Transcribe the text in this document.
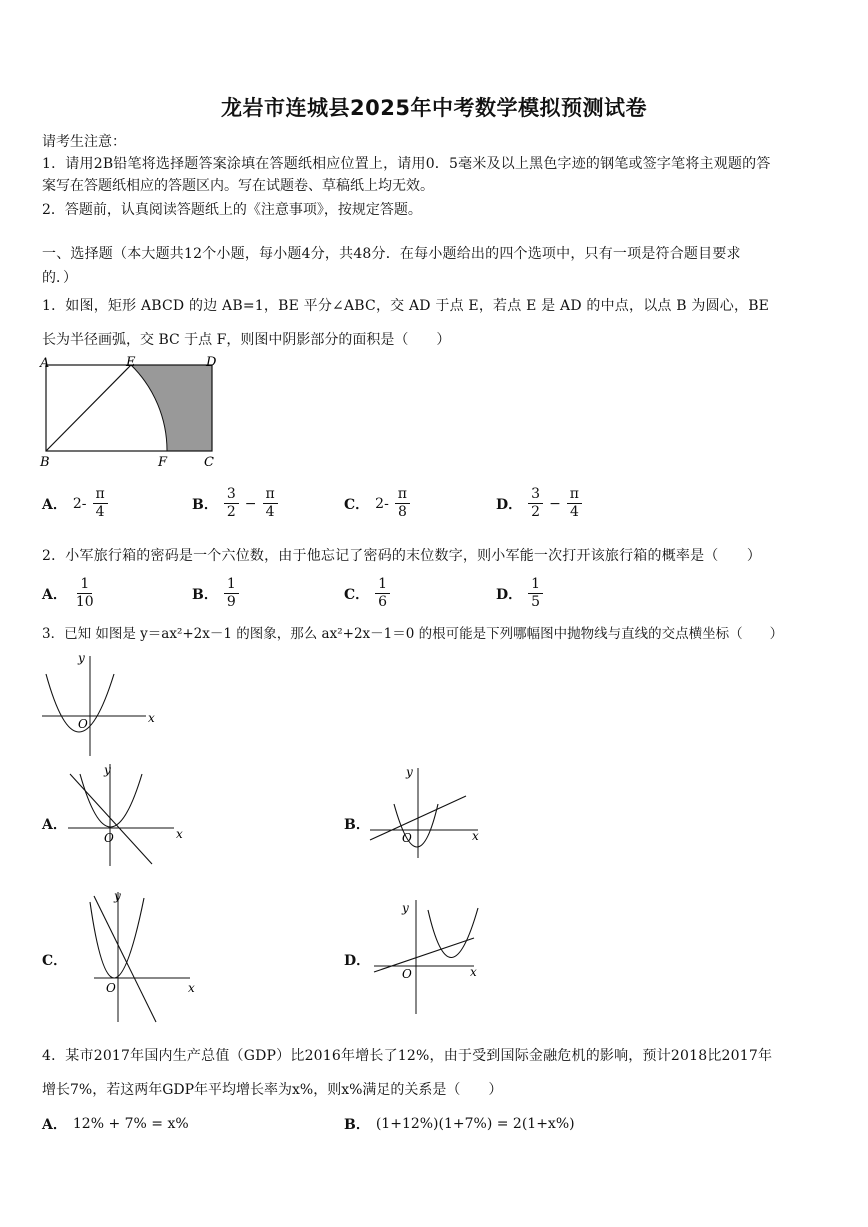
龙岩市连城县2025年中考数学模拟预测试卷
请考生注意：
1．请用2B铅笔将选择题答案涂填在答题纸相应位置上，请用0．5毫米及以上黑色字迹的钢笔或签字笔将主观题的答
案写在答题纸相应的答题区内。写在试题卷、草稿纸上均无效。
2．答题前，认真阅读答题纸上的《注意事项》，按规定答题。
一、选择题（本大题共12个小题，每小题4分，共48分．在每小题给出的四个选项中，只有一项是符合题目要求
的．）
1．如图，矩形 ABCD 的边 AB=1，BE 平分∠ABC，交 AD 于点 E，若点 E 是 AD 的中点，以点 B 为圆心，BE
长为半径画弧，交 BC 于点 F，则图中阴影部分的面积是（　　）
A	E	D
B	F	C
A． $2- \frac{\pi}{4}$	B． $\frac{3}{2} - \frac{\pi}{4}$	C． $2- \frac{\pi}{8}$	D． $\frac{3}{2} - \frac{\pi}{4}$
2．小军旅行箱的密码是一个六位数，由于他忘记了密码的末位数字，则小军能一次打开该旅行箱的概率是（　　）
A． $\frac{1}{10}$	B． $\frac{1}{9}$	C． $\frac{1}{6}$	D． $\frac{1}{5}$
3．已知 如图是 y＝ax²+2x－1 的图象，那么 ax²+2x－1＝0 的根可能是下列哪幅图中抛物线与直线的交点横坐标（　　）
x
y
O
A．
x
y
O
B．
x
y
O
C．
x
y
O
D．
x
y
O
4．某市2017年国内生产总值（GDP）比2016年增长了12%，由于受到国际金融危机的影响，预计2018比2017年
增长7%，若这两年GDP年平均增长率为x%，则x%满足的关系是（　　）
A． 12% + 7% = x%	B． (1+12%)(1+7%) = 2(1+x%)
